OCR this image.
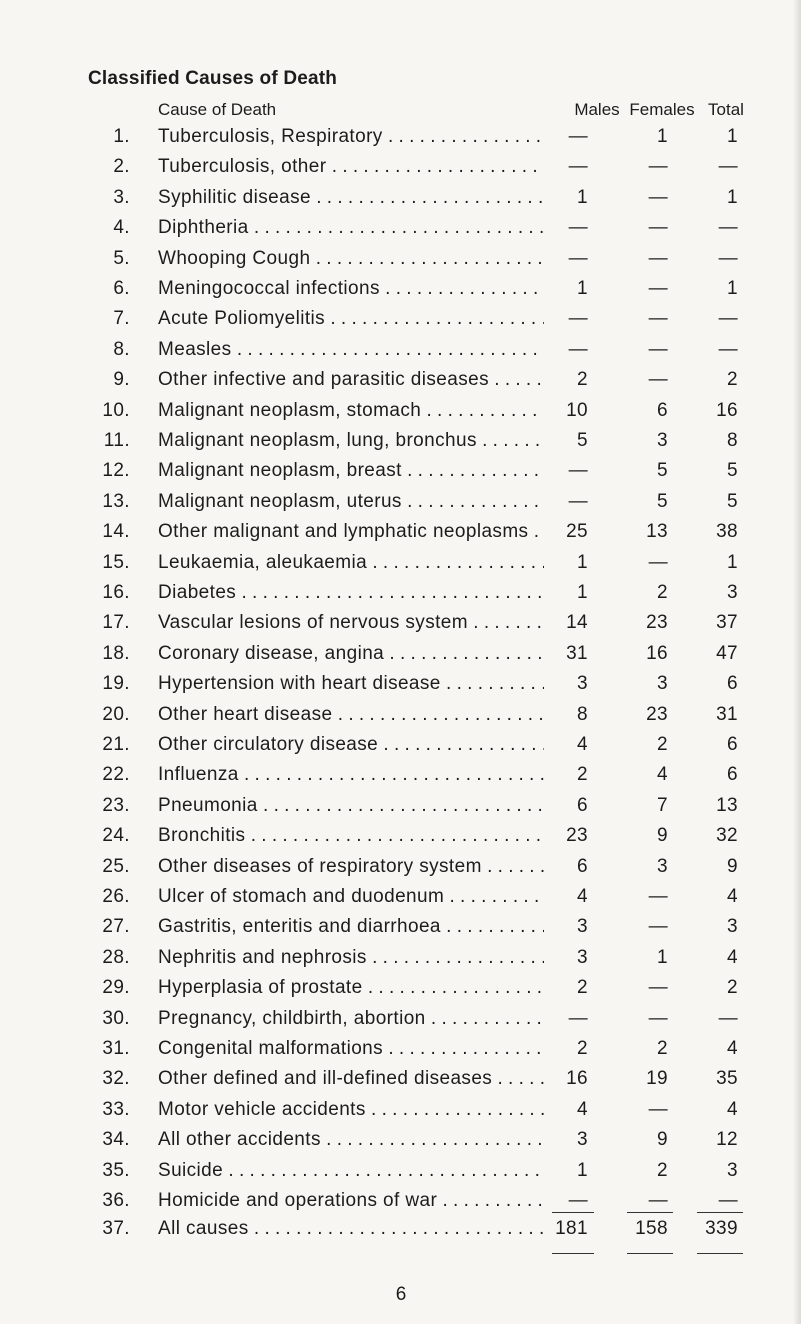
Classified Causes of Death
Cause of Death	Males Females Total
1. Tuberculosis, Respiratory . . .	—	1	1
2. Tuberculosis, other . . .	—	—	—
3. Syphilitic disease . . .	1	—	1
4. Diphtheria . . .	—	—	—
5. Whooping Cough . . .	—	—	—
6. Meningococcal infections . . .	1	—	1
7. Acute Poliomyelitis . . .	—	—	—
8. Measles . . .	—	—	—
9. Other infective and parasitic diseases . . .	2	—	2
10. Malignant neoplasm, stomach . . .	10	6	16
11. Malignant neoplasm, lung, bronchus . . .	5	3	8
12. Malignant neoplasm, breast . . .	—	5	5
13. Malignant neoplasm, uterus . . .	—	5	5
14. Other malignant and lymphatic neoplasms . . .	25	13	38
15. Leukaemia, aleukaemia . . .	1	—	1
16. Diabetes . . .	1	2	3
17. Vascular lesions of nervous system . . .	14	23	37
18. Coronary disease, angina . . .	31	16	47
19. Hypertension with heart disease . . .	3	3	6
20. Other heart disease . . .	8	23	31
21. Other circulatory disease . . .	4	2	6
22. Influenza . . .	2	4	6
23. Pneumonia . . .	6	7	13
24. Bronchitis . . .	23	9	32
25. Other diseases of respiratory system . . .	6	3	9
26. Ulcer of stomach and duodenum . . .	4	—	4
27. Gastritis, enteritis and diarrhoea . . .	3	—	3
28. Nephritis and nephrosis . . .	3	1	4
29. Hyperplasia of prostate . . .	2	—	2
30. Pregnancy, childbirth, abortion . . .	—	—	—
31. Congenital malformations . . .	2	2	4
32. Other defined and ill-defined diseases . . .	16	19	35
33. Motor vehicle accidents . . .	4	—	4
34. All other accidents . . .	3	9	12
35. Suicide . . .	1	2	3
36. Homicide and operations of war . . .	—	—	—
37. All causes . . .	181	158	339
6
